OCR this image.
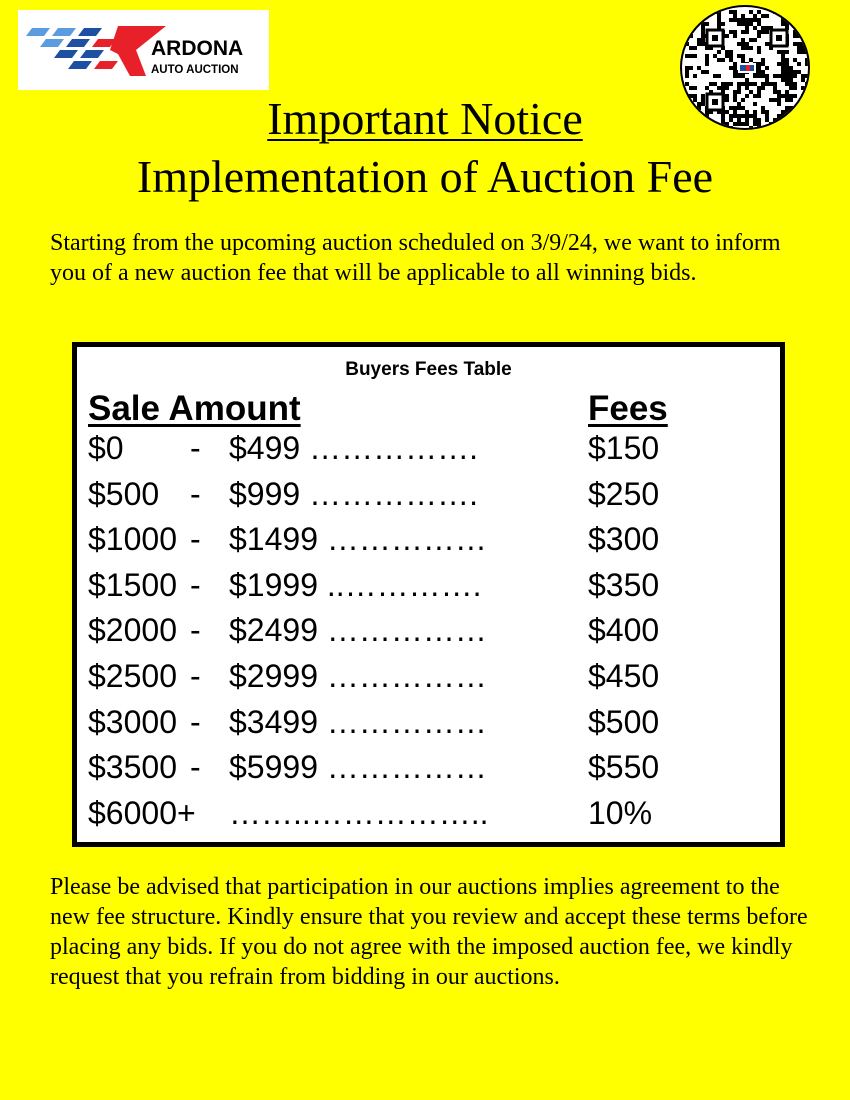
ARDONA
AUTO AUCTION
Important Notice
Implementation of Auction Fee
Starting from the upcoming auction scheduled on 3/9/24, we want to inform you of a new auction fee that will be applicable to all winning bids.
Buyers Fees Table
Sale Amount	Fees
$0 - $499 …………….	$150
$500 - $999 …………….	$250
$1000 - $1499 ……………	$300
$1500 - $1999 ..………….	$350
$2000 - $2499 ……………	$400
$2500 - $2999 ……………	$450
$3000 - $3499 ……………	$500
$3500 - $5999 ……………	$550
$6000+ ……..……………..	10%
Please be advised that participation in our auctions implies agreement to the new fee structure. Kindly ensure that you review and accept these terms before placing any bids. If you do not agree with the imposed auction fee, we kindly request that you refrain from bidding in our auctions.
